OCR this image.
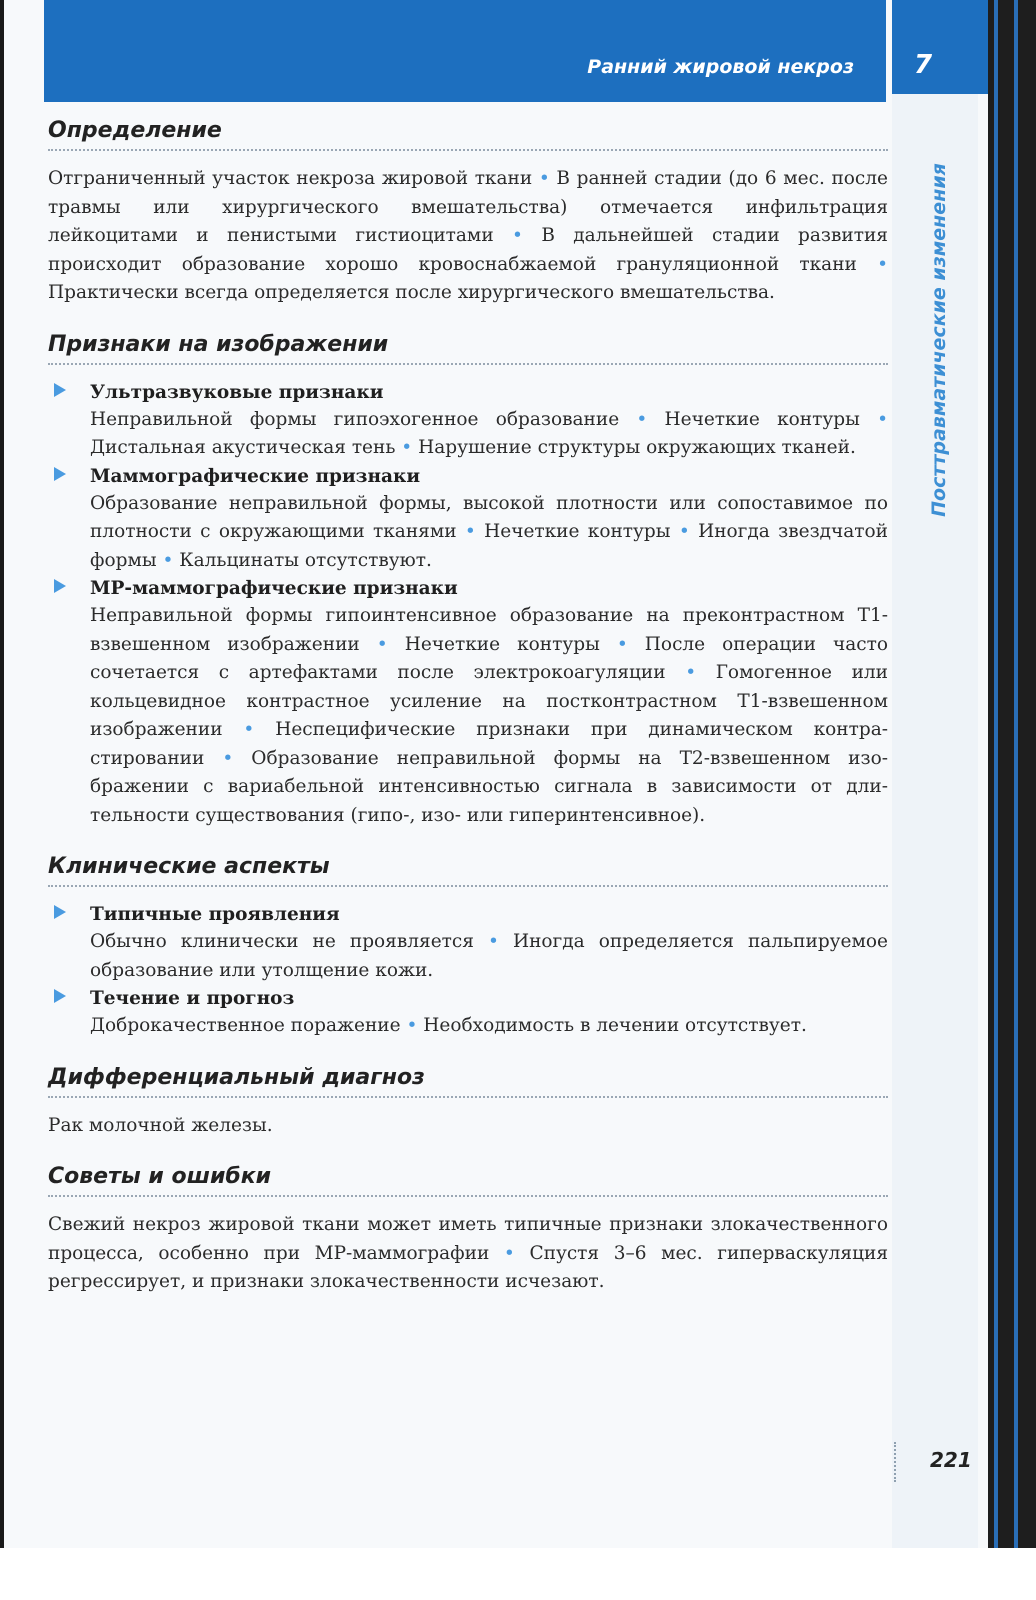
Ранний жировой некроз 7
Посттравматические изменения
Определение

Отграниченный участок некроза жировой ткани • В ранней стадии (до 6 мес. после травмы или хирургического вмешательства) отмечается инфильтрация лейкоцитами и пенистыми гистиоцитами • В дальнейшей стадии развития происходит образование хорошо кровоснабжаемой грануляционной ткани • Практически всегда определяется после хирургического вмешательства.

Признаки на изображении
Ультразвуковые признаки

Неправильной формы гипоэхогенное образование • Нечеткие контуры • Дистальная акустическая тень • Нарушение структуры окружающих тканей.

Маммографические признаки

Образование неправильной формы, высокой плотности или сопоставимое по плотности с окружающими тканями • Нечеткие контуры • Иногда звездчатой формы • Кальцинаты отсутствуют.

МР-маммографические признаки

Неправильной формы гипоинтенсивное образование на преконтрастном T1-взвешенном изображении • Нечеткие контуры • После операции часто сочетается с артефактами после электрокоагуляции • Гомогенное или кольцевидное контрастное усиление на постконтрастном T1-взвешенном изображении • Неспецифические признаки при динамическом контрастировании • Образование неправильной формы на T2-взвешенном изображении с вариабельной интенсивностью сигнала в зависимости от длительности существования (гипо-, изо- или гиперинтенсивное).

Клинические аспекты
Типичные проявления

Обычно клинически не проявляется • Иногда определяется пальпируемое образование или утолщение кожи.

Течение и прогноз

Доброкачественное поражение • Необходимость в лечении отсутствует.

Дифференциальный диагноз

Рак молочной железы.

Советы и ошибки

Свежий некроз жировой ткани может иметь типичные признаки злокачественного процесса, особенно при МР-маммографии • Спустя 3–6 мес. гиперваскуляция регрессирует, и признаки злокачественности исчезают.

221
